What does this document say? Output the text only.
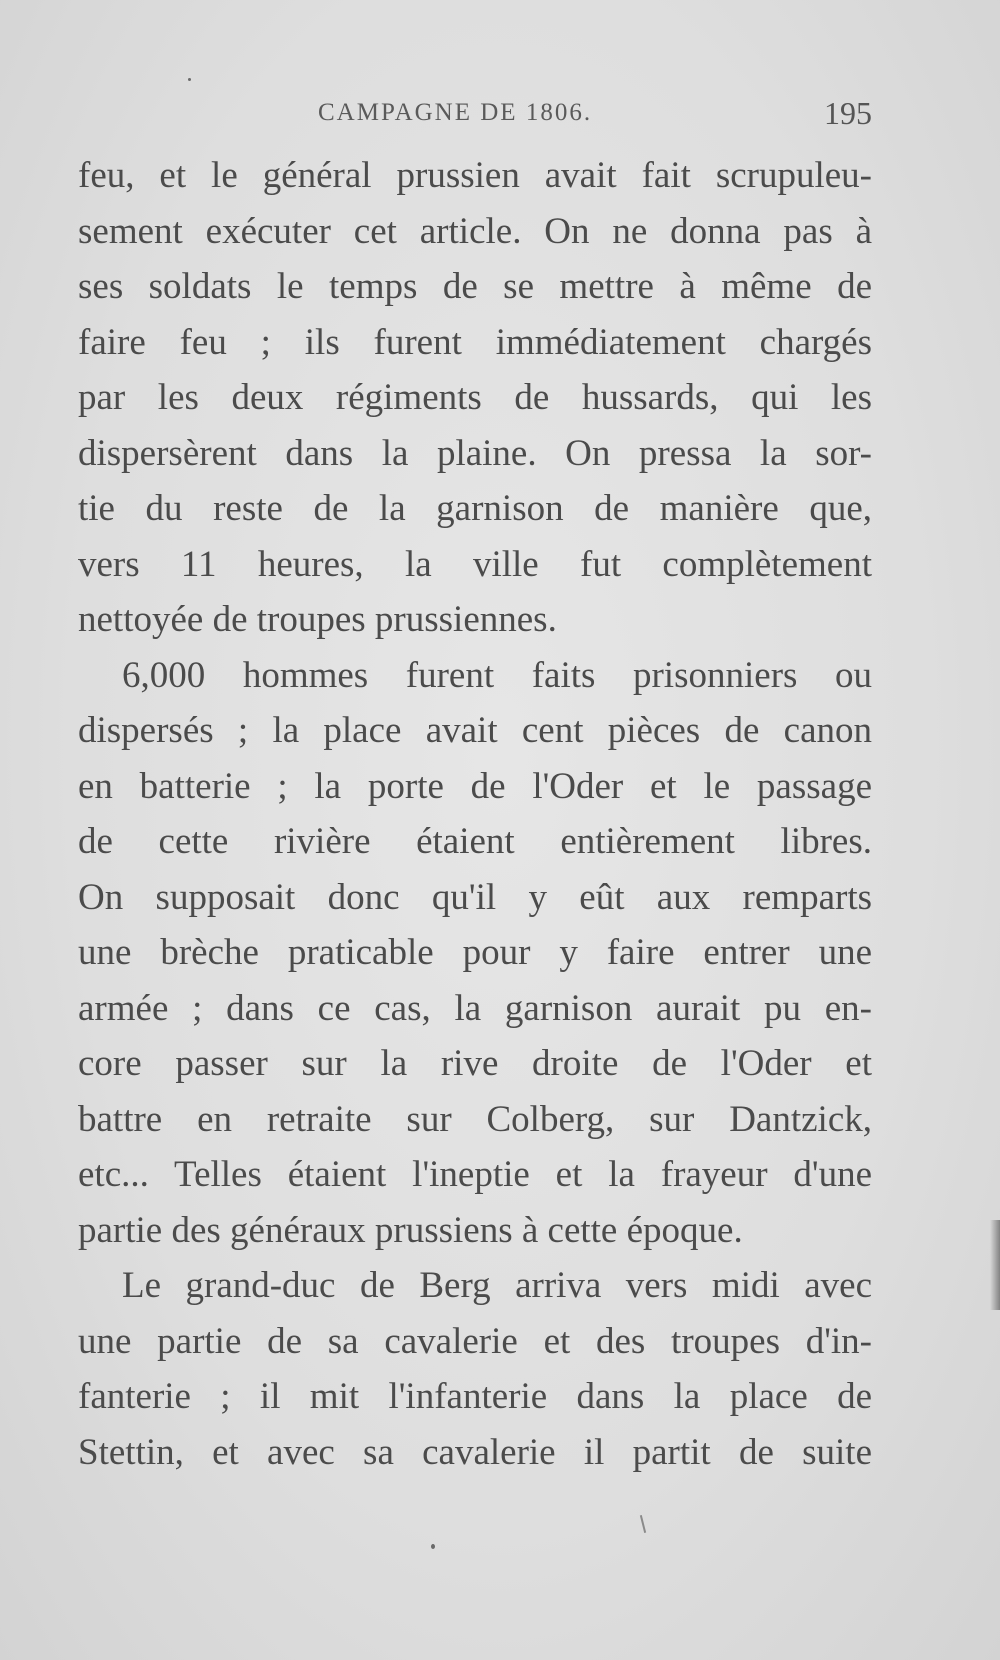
CAMPAGNE DE 1806.	195
feu, et le général prussien avait fait scrupuleu-
sement exécuter cet article. On ne donna pas à
ses soldats le temps de se mettre à même de
faire feu ; ils furent immédiatement chargés
par les deux régiments de hussards, qui les
dispersèrent dans la plaine. On pressa la sor-
tie du reste de la garnison de manière que,
vers 11 heures, la ville fut complètement
nettoyée de troupes prussiennes.
6,000 hommes furent faits prisonniers ou
dispersés ; la place avait cent pièces de canon
en batterie ; la porte de l'Oder et le passage
de cette rivière étaient entièrement libres.
On supposait donc qu'il y eût aux remparts
une brèche praticable pour y faire entrer une
armée ; dans ce cas, la garnison aurait pu en-
core passer sur la rive droite de l'Oder et
battre en retraite sur Colberg, sur Dantzick,
etc... Telles étaient l'ineptie et la frayeur d'une
partie des généraux prussiens à cette époque.
Le grand-duc de Berg arriva vers midi avec
une partie de sa cavalerie et des troupes d'in-
fanterie ; il mit l'infanterie dans la place de
Stettin, et avec sa cavalerie il partit de suite
